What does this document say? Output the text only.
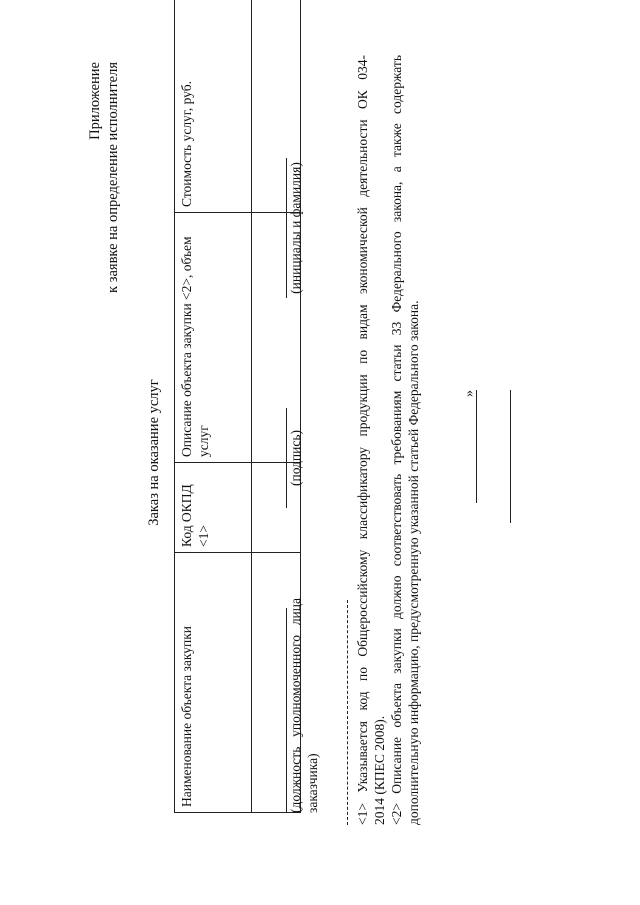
Приложение к заявке на определение исполнителя
Заказ на оказание услуг
Наименование объекта закупки	Код ОКПД <1>	Описание объекта закупки <2>, объем услуг	Стоимость услуг, руб.

(должность уполномоченного лица заказчика)
(подпись)
(инициалы и фамилия)
»
<1> Указывается код по Общероссийскому классификатору продукции по видам экономической деятельности ОК 034- 2014 (КПЕС 2008). <2> Описание объекта закупки должно соответствовать требованиям статьи 33 Федерального закона, а также содержать дополнительную информацию, предусмотренную указанной статьей Федерального закона.
